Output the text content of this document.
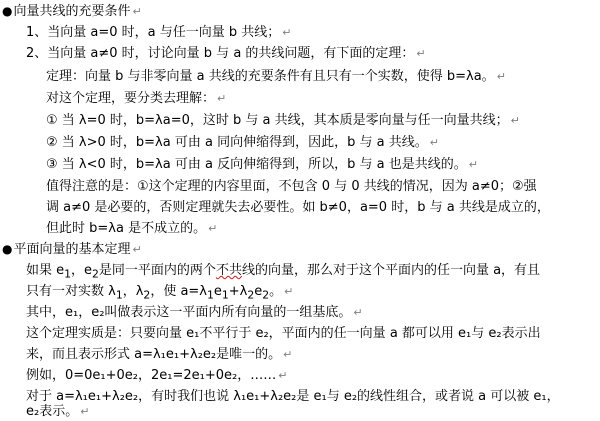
●向量共线的充要条件 ↵
1、当向量 a=0 时，a 与任一向量 b 共线； ↵
2、当向量 a≠0 时，讨论向量 b 与 a 的共线问题，有下面的定理： ↵
定理：向量 b 与非零向量 a 共线的充要条件有且只有一个实数，使得 b=λa。 ↵
对这个定理，要分类去理解： ↵
① 当 λ=0 时，b=λa=0，这时 b 与 a 共线，其本质是零向量与任一向量共线； ↵
② 当 λ>0 时，b=λa 可由 a 同向伸缩得到，因此，b 与 a 共线。 ↵
③ 当 λ<0 时，b=λa 可由 a 反向伸缩得到，所以，b 与 a 也是共线的。 ↵
值得注意的是：①这个定理的内容里面，不包含 0 与 0 共线的情况，因为 a≠0；②强
调 a≠0 是必要的，否则定理就失去必要性。如 b≠0，a=0 时，b 与 a 共线是成立的，
但此时 b=λa 是不成立的。 ↵
●平面向量的基本定理 ↵
如果 $e_1$，$e_2$是同一平面内的两个不共线的向量，那么对于这个平面内的任一向量 a，有且
只有一对实数 $\lambda_1$，$\lambda_2$，使 $a=\lambda_1e_1+\lambda_2e_2$。 ↵
其中，e₁，e₂叫做表示这一平面内所有向量的一组基底。 ↵
这个定理实质是：只要向量 e₁不平行于 e₂，平面内的任一向量 a 都可以用 e₁与 e₂表示出
来，而且表示形式 a=λ₁e₁+λ₂e₂是唯一的。 ↵
例如，0=0e₁+0e₂，2e₁=2e₁+0e₂，…… ↵
对于 a=λ₁e₁+λ₂e₂，有时我们也说 λ₁e₁+λ₂e₂是 e₁与 e₂的线性组合，或者说 a 可以被 e₁，
e₂表示。 ↵
